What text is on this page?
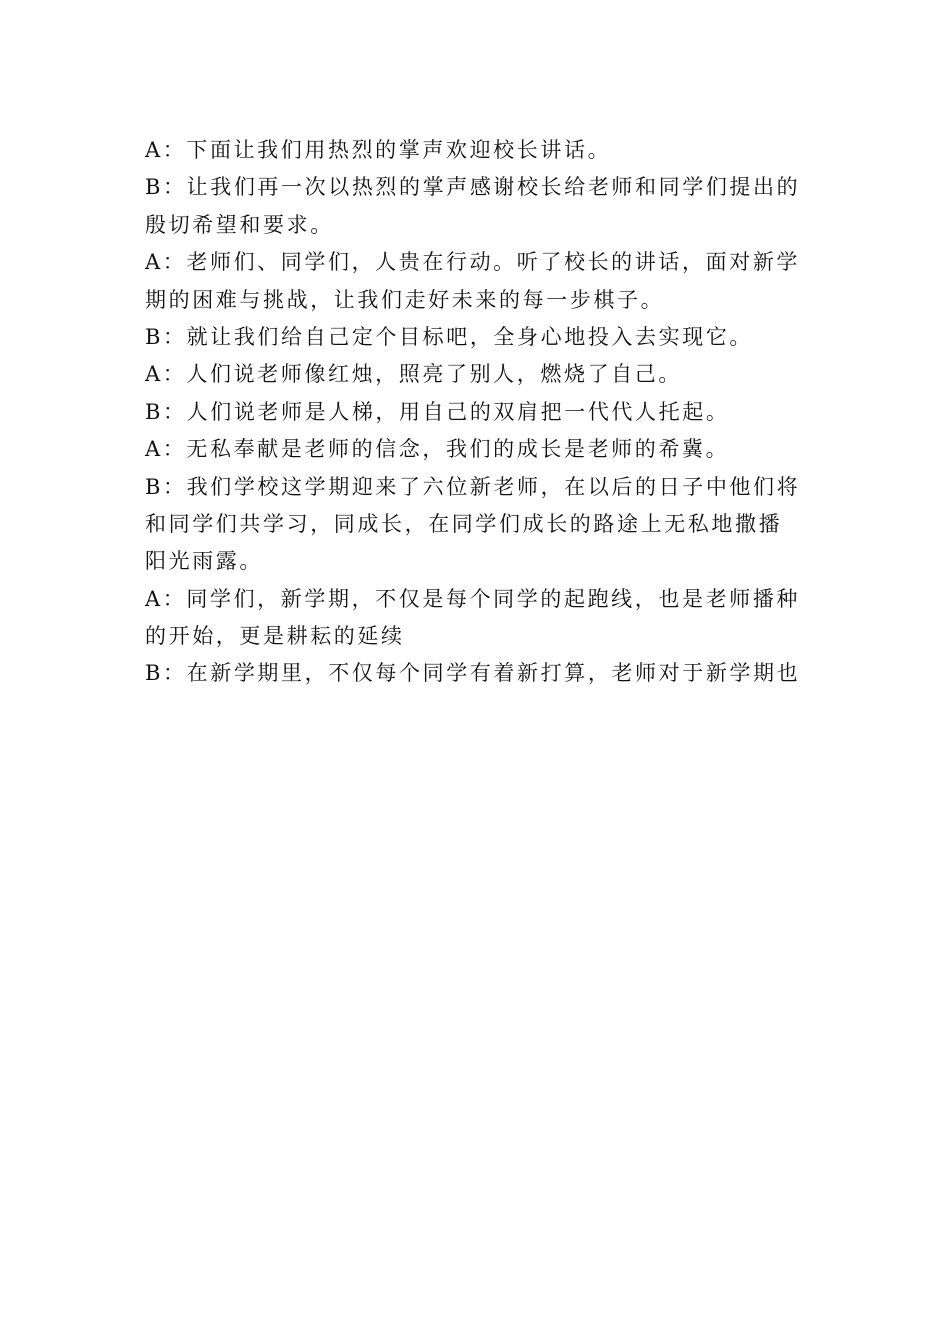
A：下面让我们用热烈的掌声欢迎校长讲话。

B：让我们再一次以热烈的掌声感谢校长给老师和同学们提出的

殷切希望和要求。

A：老师们、同学们，人贵在行动。听了校长的讲话，面对新学

期的困难与挑战，让我们走好未来的每一步棋子。

B：就让我们给自己定个目标吧，全身心地投入去实现它。

A：人们说老师像红烛，照亮了别人，燃烧了自己。

B：人们说老师是人梯，用自己的双肩把一代代人托起。

A：无私奉献是老师的信念，我们的成长是老师的希冀。

B：我们学校这学期迎来了六位新老师，在以后的日子中他们将

和同学们共学习，同成长，在同学们成长的路途上无私地撒播

阳光雨露。

A：同学们，新学期，不仅是每个同学的起跑线，也是老师播种

的开始，更是耕耘的延续

B：在新学期里，不仅每个同学有着新打算，老师对于新学期也
